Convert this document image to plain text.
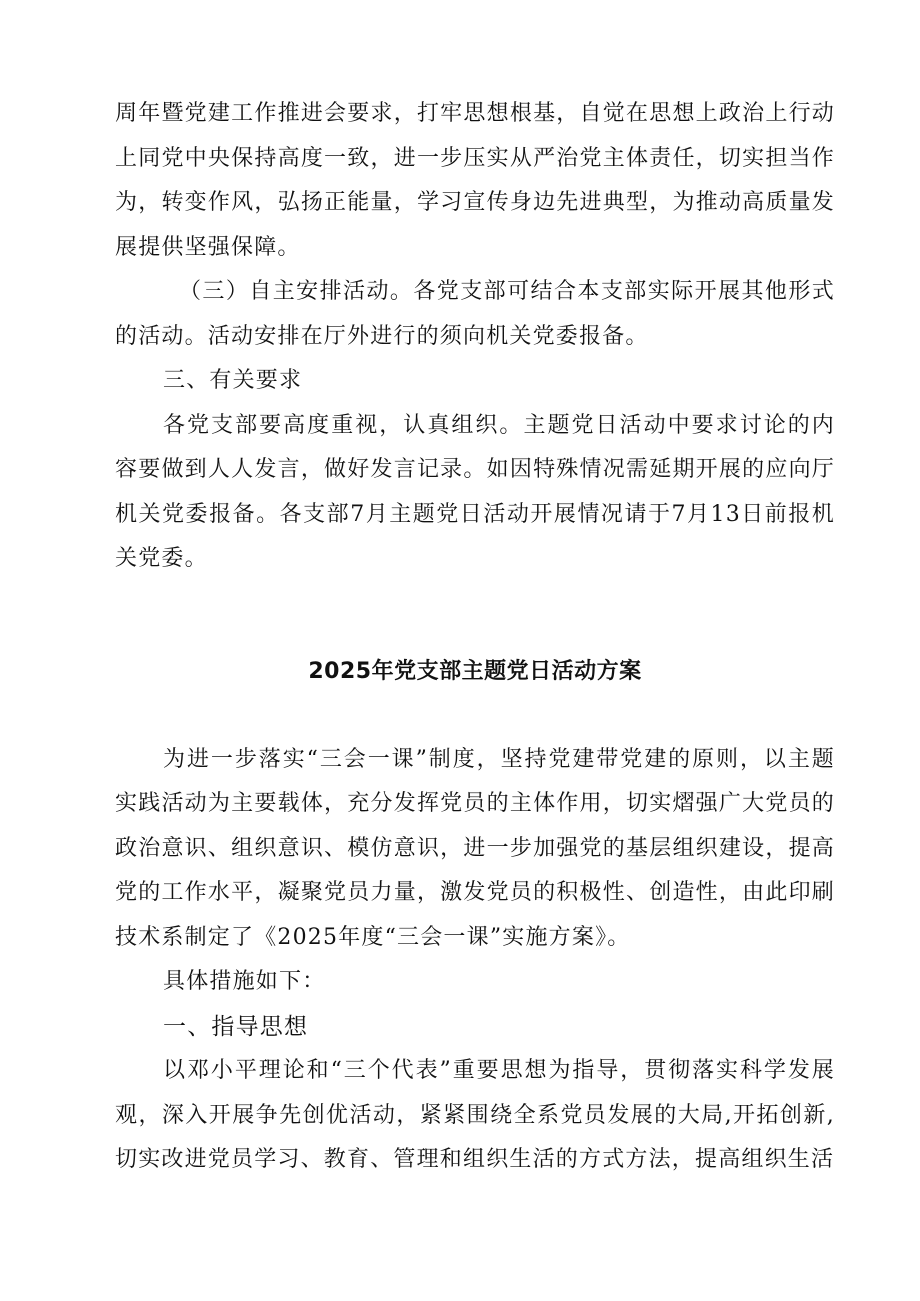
周年暨党建工作推进会要求，打牢思想根基，自觉在思想上政治上行动上同党中央保持高度一致，进一步压实从严治党主体责任，切实担当作为，转变作风，弘扬正能量，学习宣传身边先进典型，为推动高质量发展提供坚强保障。

（三）自主安排活动。各党支部可结合本支部实际开展其他形式的活动。活动安排在厅外进行的须向机关党委报备。

三、有关要求

各党支部要高度重视，认真组织。主题党日活动中要求讨论的内容要做到人人发言，做好发言记录。如因特殊情况需延期开展的应向厅机关党委报备。各支部7月主题党日活动开展情况请于7月13日前报机关党委。

2025年党支部主题党日活动方案

为进一步落实“三会一课”制度，坚持党建带党建的原则，以主题实践活动为主要载体，充分发挥党员的主体作用，切实熠强广大党员的政治意识、组织意识、模仿意识，进一步加强党的基层组织建设，提高党的工作水平，凝聚党员力量，激发党员的积极性、创造性，由此印刷技术系制定了《2025年度“三会一课”实施方案》。

具体措施如下：

一、指导思想

以邓小平理论和“三个代表”重要思想为指导，贯彻落实科学发展观，深入开展争先创优活动，紧紧围绕全系党员发展的大局,开拓创新,切实改进党员学习、教育、管理和组织生活的方式方法，提高组织生活
